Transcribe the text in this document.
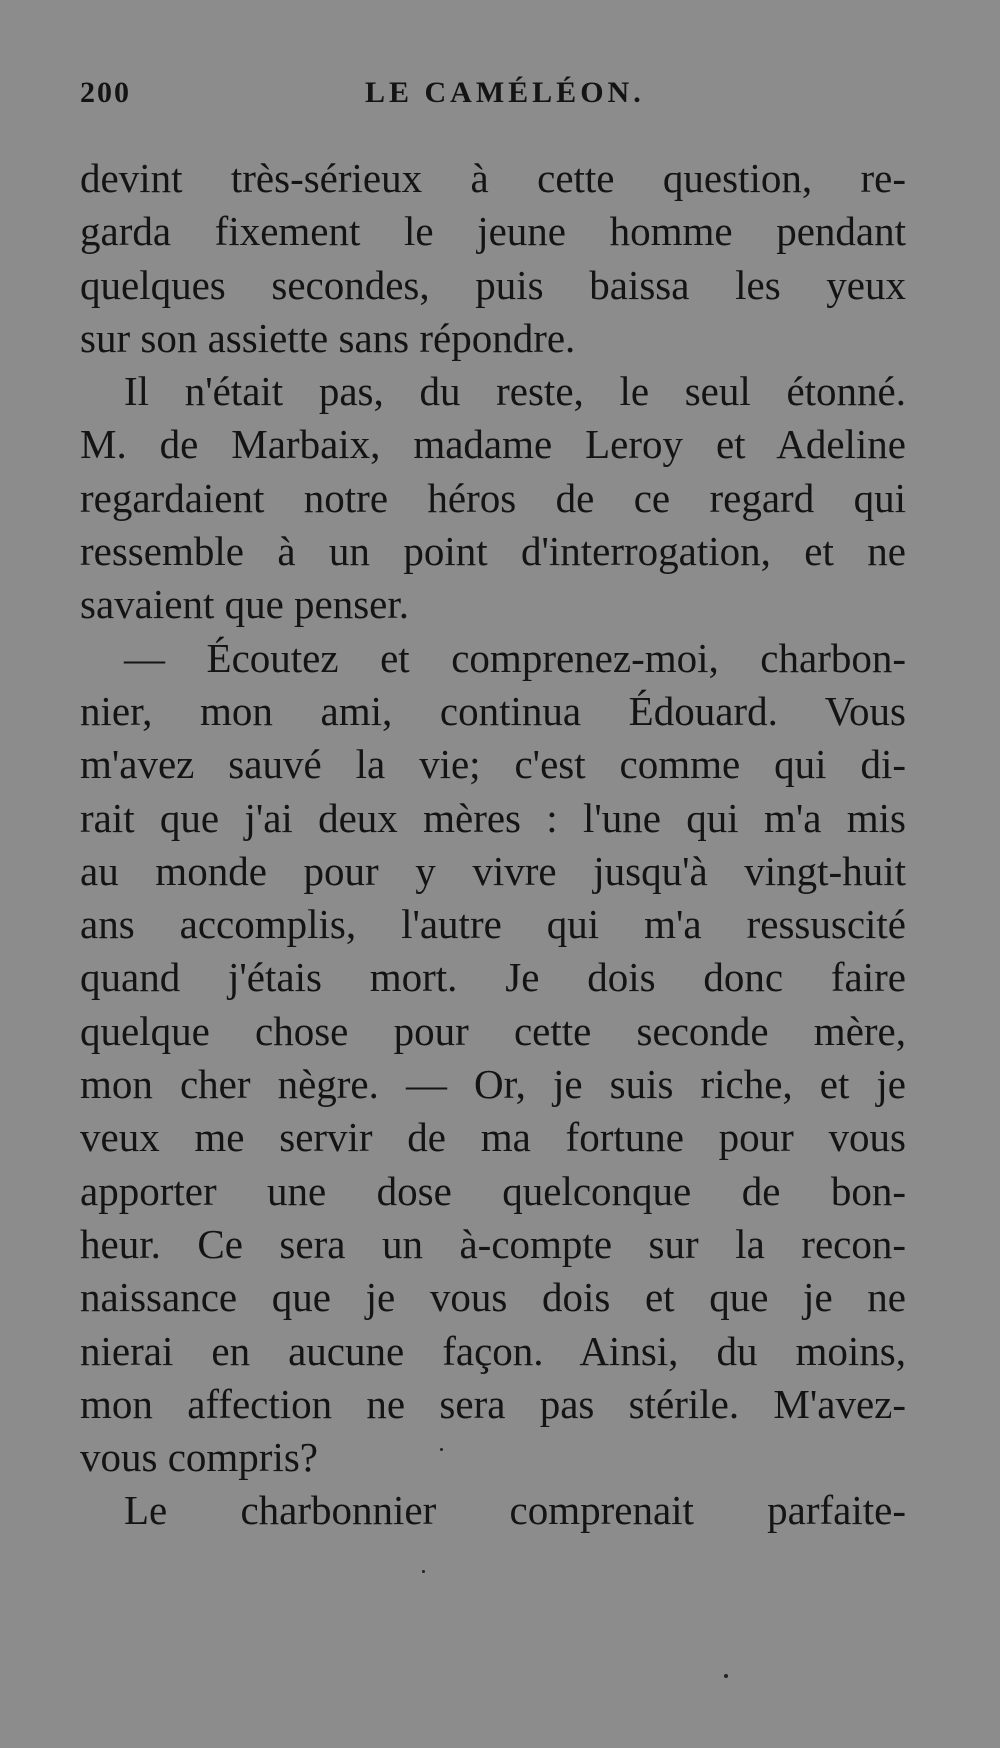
200	LE CAMÉLÉON.
devint très-sérieux à cette question, re-
garda fixement le jeune homme pendant
quelques secondes, puis baissa les yeux
sur son assiette sans répondre.
Il n'était pas, du reste, le seul étonné.
M. de Marbaix, madame Leroy et Adeline
regardaient notre héros de ce regard qui
ressemble à un point d'interrogation, et ne
savaient que penser.
— Écoutez et comprenez-moi, charbon-
nier, mon ami, continua Édouard. Vous
m'avez sauvé la vie; c'est comme qui di-
rait que j'ai deux mères : l'une qui m'a mis
au monde pour y vivre jusqu'à vingt-huit
ans accomplis, l'autre qui m'a ressuscité
quand j'étais mort. Je dois donc faire
quelque chose pour cette seconde mère,
mon cher nègre. — Or, je suis riche, et je
veux me servir de ma fortune pour vous
apporter une dose quelconque de bon-
heur. Ce sera un à-compte sur la recon-
naissance que je vous dois et que je ne
nierai en aucune façon. Ainsi, du moins,
mon affection ne sera pas stérile. M'avez-
vous compris?
Le charbonnier comprenait parfaite-
